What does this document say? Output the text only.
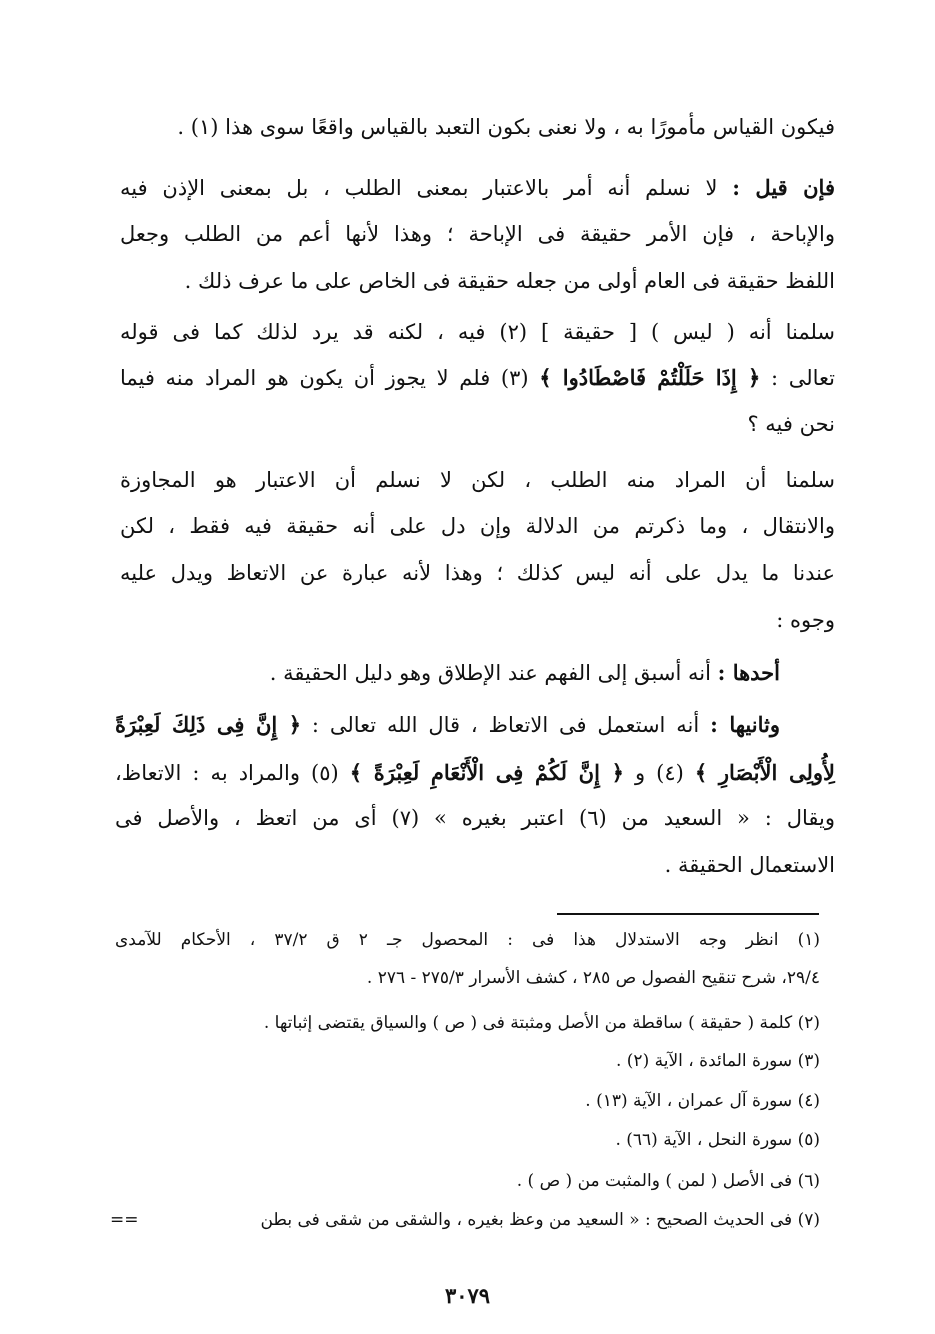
فيكون القياس مأمورًا به ، ولا نعنى بكون التعبد بالقياس واقعًا سوى هذا (١) .
فإن قيل : لا نسلم أنه أمر بالاعتبار بمعنى الطلب ، بل بمعنى الإذن فيه
والإباحة ، فإن الأمر حقيقة فى الإباحة ؛ وهذا لأنها أعم من الطلب وجعل
اللفظ حقيقة فى العام أولى من جعله حقيقة فى الخاص على ما عرف ذلك .
سلمنا أنه ( ليس ) [ حقيقة ] (٢) فيه ، لكنه قد يرد لذلك كما فى قوله
تعالى : ﴿ إِذَا حَلَلْتُمْ فَاصْطَادُوا ﴾ (٣) فلم لا يجوز أن يكون هو المراد منه فيما
نحن فيه ؟
سلمنا أن المراد منه الطلب ، لكن لا نسلم أن الاعتبار هو المجاوزة
والانتقال ، وما ذكرتم من الدلالة وإن دل على أنه حقيقة فيه فقط ، لكن
عندنا ما يدل على أنه ليس كذلك ؛ وهذا لأنه عبارة عن الاتعاظ ويدل عليه
وجوه :
أحدها : أنه أسبق إلى الفهم عند الإطلاق وهو دليل الحقيقة .
وثانيها : أنه استعمل فى الاتعاظ ، قال الله تعالى : ﴿ إِنَّ فِى ذَلِكَ لَعِبْرَةً
لِأُولِى الْأَبْصَارِ ﴾ (٤) و ﴿ إِنَّ لَكُمْ فِى الْأَنْعَامِ لَعِبْرَةً ﴾ (٥) والمراد به : الاتعاظ،
ويقال : « السعيد من (٦) اعتبر بغيره » (٧) أى من اتعظ ، والأصل فى
الاستعمال الحقيقة .
(١) انظر وجه الاستدلال هذا فى : المحصول جـ ٢ ق ٣٧/٢ ، الأحكام للآمدى
٢٩/٤، شرح تنقيح الفصول ص ٢٨٥ ، كشف الأسرار ٢٧٥/٣ - ٢٧٦ .
(٢) كلمة ( حقيقة ) ساقطة من الأصل ومثبتة فى ( ص ) والسياق يقتضى إثباتها .
(٣) سورة المائدة ، الآية (٢) .
(٤) سورة آل عمران ، الآية (١٣) .
(٥) سورة النحل ، الآية (٦٦) .
(٦) فى الأصل ( لمن ) والمثبت من ( ص ) .
(٧) فى الحديث الصحيح : « السعيد من وعظ بغيره ، والشقى من شقى فى بطن
==
٣٠٧٩
